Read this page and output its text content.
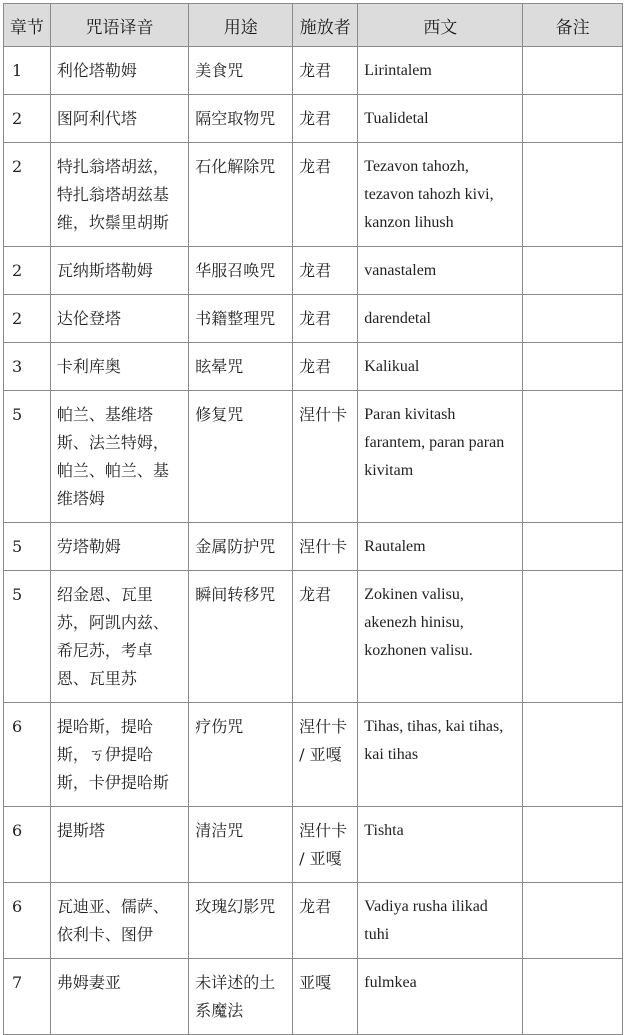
章节	咒语译音	用途	施放者	西文	备注
1	利伦塔勒姆	美食咒	龙君	Lirintalem	
2	图阿利代塔	隔空取物咒	龙君	Tualidetal	
2	特扎翁塔胡兹，特扎翁塔胡兹基维，坎鬃里胡斯	石化解除咒	龙君	Tezavon tahozh, tezavon tahozh kivi, kanzon lihush	
2	瓦纳斯塔勒姆	华服召唤咒	龙君	vanastalem	
2	达伦登塔	书籍整理咒	龙君	darendetal	
3	卡利库奥	眩晕咒	龙君	Kalikual	
5	帕兰、基维塔斯、法兰特姆，帕兰、帕兰、基维塔姆	修复咒	涅什卡	Paran kivitash farantem, paran paran kivitam	
5	劳塔勒姆	金属防护咒	涅什卡	Rautalem	
5	绍金恩、瓦里苏，阿凯内兹、希尼苏，考卓恩、瓦里苏	瞬间转移咒	龙君	Zokinen valisu, akenezh hinisu, kozhonen valisu.	
6	提哈斯，提哈斯，ㄎ伊提哈斯，卡伊提哈斯	疗伤咒	涅什卡 / 亚嘎	Tihas, tihas, kai tihas, kai tihas	
6	提斯塔	清洁咒	涅什卡 / 亚嘎	Tishta	
6	瓦迪亚、儒萨、依利卡、图伊	玫瑰幻影咒	龙君	Vadiya rusha ilikad tuhi	
7	弗姆妻亚	未详述的土系魔法	亚嘎	fulmkea	
